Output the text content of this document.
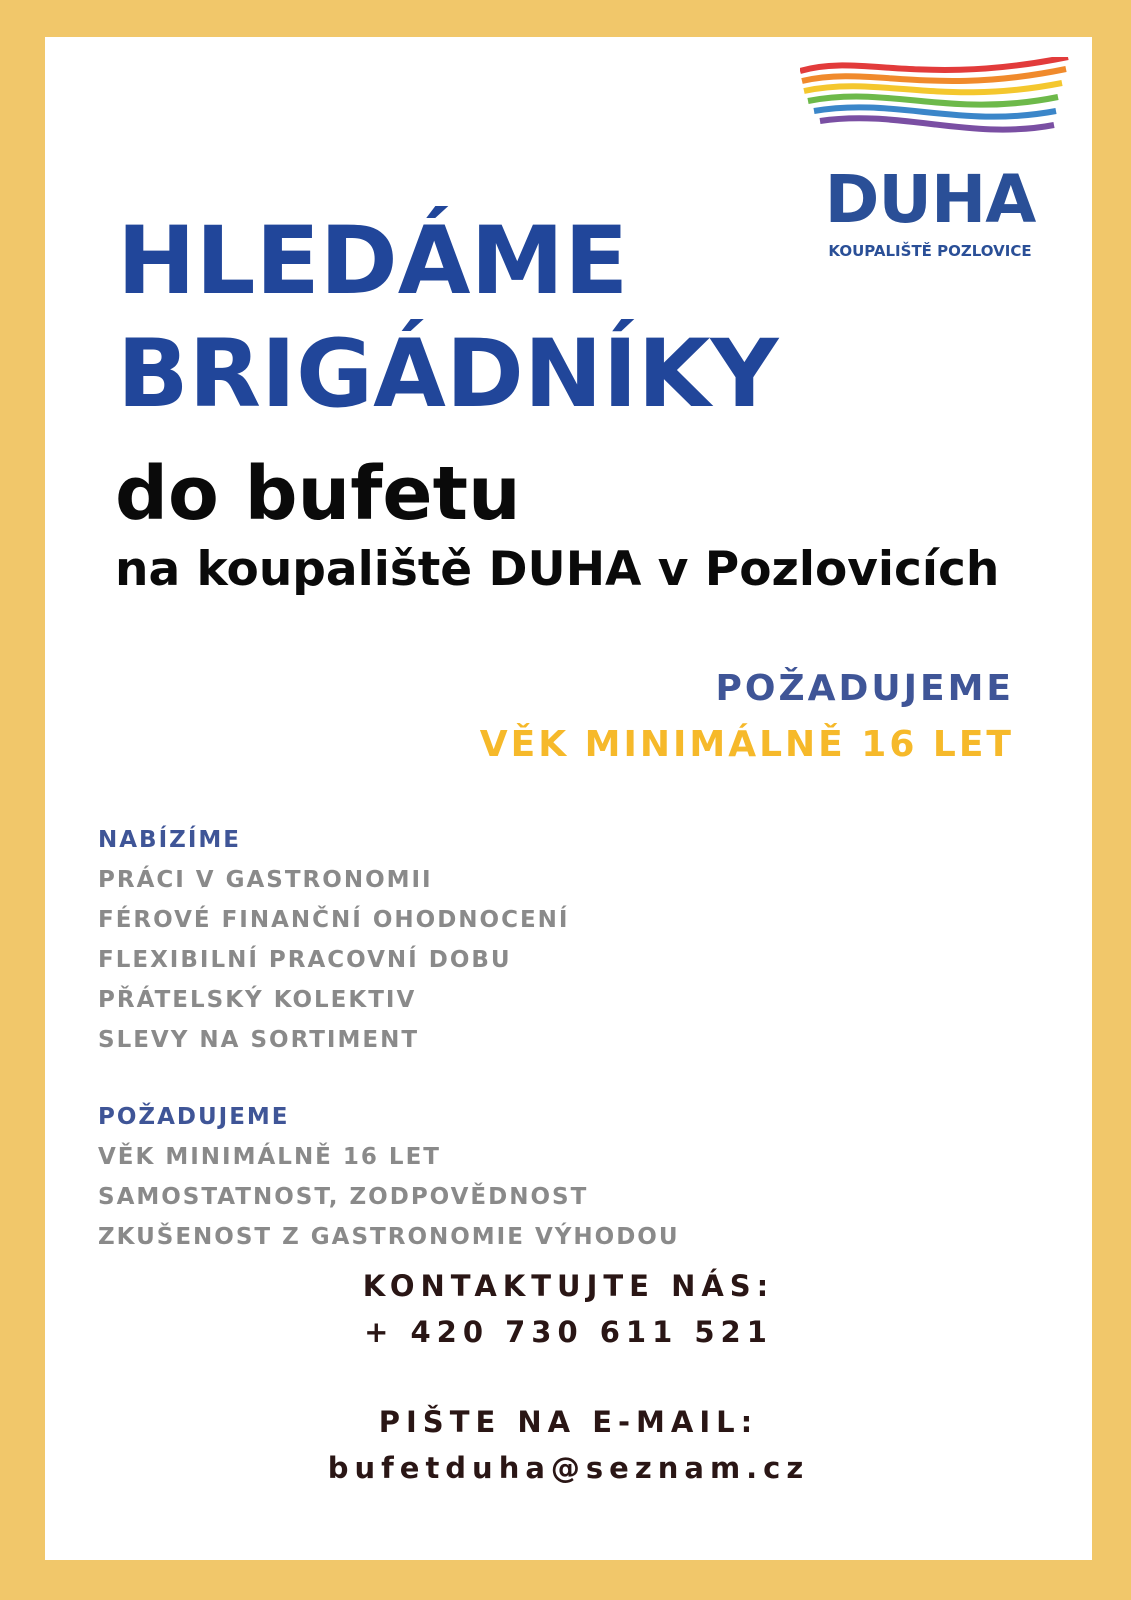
DUHA
KOUPALIŠTĚ POZLOVICE
HLEDÁME
BRIGÁDNÍKY
do bufetu
na koupaliště DUHA v Pozlovicích
POŽADUJEME
VĚK MINIMÁLNĚ 16 LET
NABÍZÍME
PRÁCI V GASTRONOMII
FÉROVÉ FINANČNÍ OHODNOCENÍ
FLEXIBILNÍ PRACOVNÍ DOBU
PŘÁTELSKÝ KOLEKTIV
SLEVY NA SORTIMENT
POŽADUJEME
VĚK MINIMÁLNĚ 16 LET
SAMOSTATNOST, ZODPOVĚDNOST
ZKUŠENOST Z GASTRONOMIE VÝHODOU
KONTAKTUJTE NÁS:
+ 420 730 611 521
PIŠTE NA E-MAIL:
bufetduha@seznam.cz
